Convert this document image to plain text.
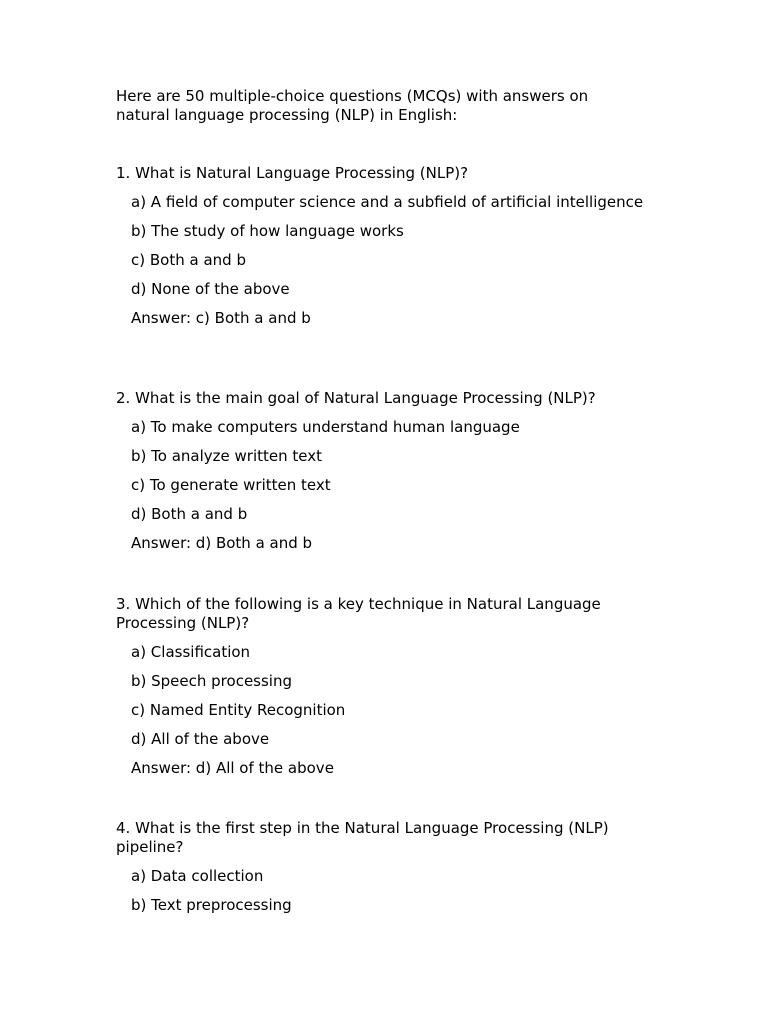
Here are 50 multiple-choice questions (MCQs) with answers on natural language processing (NLP) in English:

1. What is Natural Language Processing (NLP)?

a) A field of computer science and a subfield of artificial intelligence

b) The study of how language works

c) Both a and b

d) None of the above

Answer: c) Both a and b

2. What is the main goal of Natural Language Processing (NLP)?

a) To make computers understand human language

b) To analyze written text

c) To generate written text

d) Both a and b

Answer: d) Both a and b

3. Which of the following is a key technique in Natural Language Processing (NLP)?

a) Classification

b) Speech processing

c) Named Entity Recognition

d) All of the above

Answer: d) All of the above

4. What is the first step in the Natural Language Processing (NLP) pipeline?

a) Data collection

b) Text preprocessing
